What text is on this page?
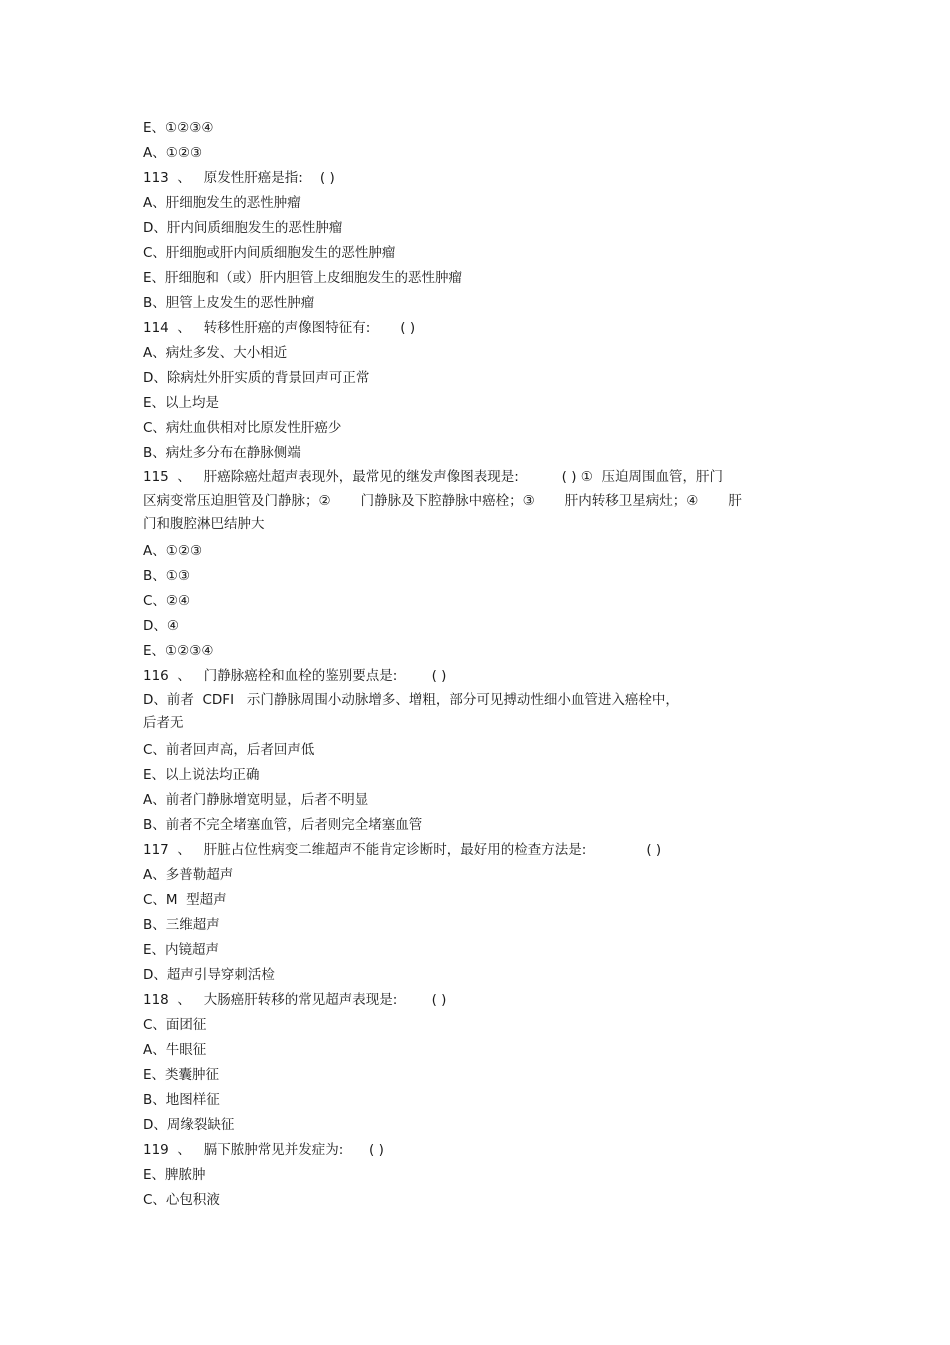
E、①②③④
A、①②③
113  、   原发性肝癌是指:    ( )
A、肝细胞发生的恶性肿瘤
D、肝内间质细胞发生的恶性肿瘤
C、肝细胞或肝内间质细胞发生的恶性肿瘤
E、肝细胞和（或）肝内胆管上皮细胞发生的恶性肿瘤
B、胆管上皮发生的恶性肿瘤
114  、   转移性肝癌的声像图特征有:       ( )
A、病灶多发、大小相近
D、除病灶外肝实质的背景回声可正常
E、以上均是
C、病灶血供相对比原发性肝癌少
B、病灶多分布在静脉侧端
115  、   肝癌除癌灶超声表现外，最常见的继发声像图表现是:          ( ) ①  压迫周围血管，肝门
区病变常压迫胆管及门静脉；②       门静脉及下腔静脉中癌栓；③       肝内转移卫星病灶；④       肝
门和腹腔淋巴结肿大
A、①②③
B、①③
C、②④
D、④
E、①②③④
116  、   门静脉癌栓和血栓的鉴别要点是:        ( )
D、前者  CDFI   示门静脉周围小动脉增多、增粗，部分可见搏动性细小血管进入癌栓中，
后者无
C、前者回声高，后者回声低
E、以上说法均正确
A、前者门静脉增宽明显，后者不明显
B、前者不完全堵塞血管，后者则完全堵塞血管
117  、   肝脏占位性病变二维超声不能肯定诊断时，最好用的检查方法是:              ( )
A、多普勒超声
C、M  型超声
B、三维超声
E、内镜超声
D、超声引导穿刺活检
118  、   大肠癌肝转移的常见超声表现是:        ( )
C、面团征
A、牛眼征
E、类囊肿征
B、地图样征
D、周缘裂缺征
119  、   膈下脓肿常见并发症为:      ( )
E、脾脓肿
C、心包积液
